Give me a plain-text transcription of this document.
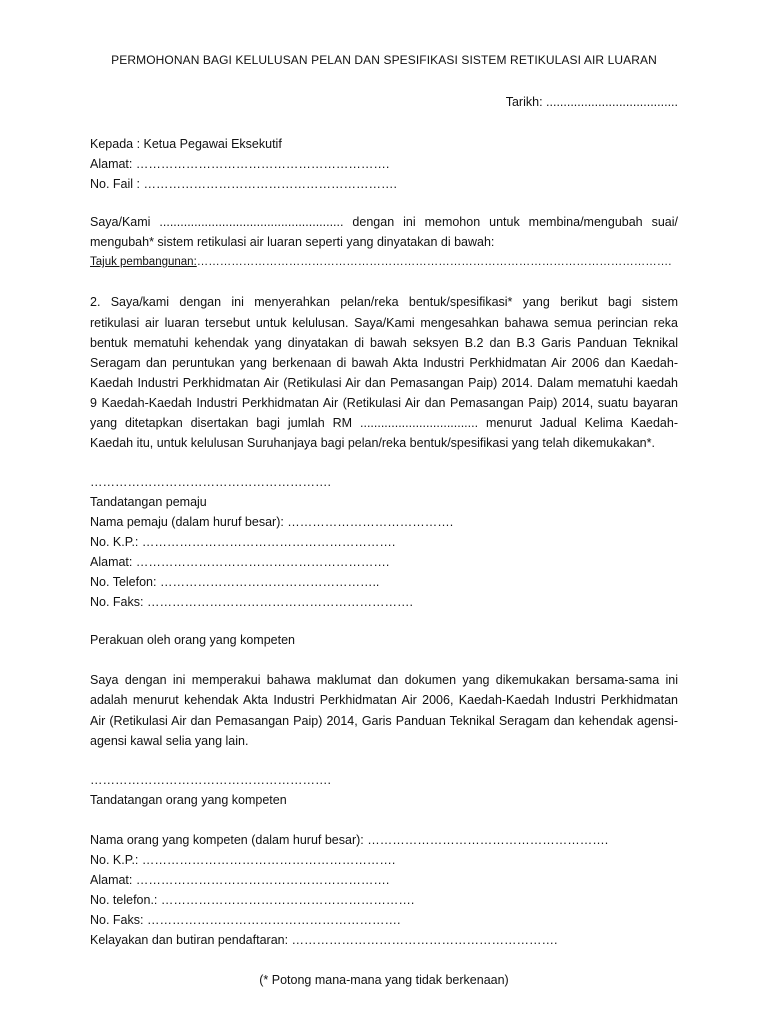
PERMOHONAN BAGI KELULUSAN PELAN DAN SPESIFIKASI SISTEM RETIKULASI AIR LUARAN
Tarikh: ......................................
Kepada : Ketua Pegawai Eksekutif
Alamat: …………………………………………………….
No. Fail : …………………………………………………….
Saya/Kami ..................................................... dengan ini memohon untuk membina/mengubah suai/
mengubah* sistem retikulasi air luaran seperti yang dinyatakan di bawah:
Tajuk pembangunan:…………………………………………………………………………………………………………….
2. Saya/kami dengan ini menyerahkan pelan/reka bentuk/spesifikasi* yang berikut bagi sistem
retikulasi air luaran tersebut untuk kelulusan. Saya/Kami mengesahkan bahawa semua perincian reka
bentuk mematuhi kehendak yang dinyatakan di bawah seksyen B.2 dan B.3 Garis Panduan Teknikal
Seragam dan peruntukan yang berkenaan di bawah Akta Industri Perkhidmatan Air 2006 dan Kaedah-
Kaedah Industri Perkhidmatan Air (Retikulasi Air dan Pemasangan Paip) 2014. Dalam mematuhi kaedah
9 Kaedah-Kaedah Industri Perkhidmatan Air (Retikulasi Air dan Pemasangan Paip) 2014, suatu bayaran
yang ditetapkan disertakan bagi jumlah RM .................................. menurut Jadual Kelima Kaedah-
Kaedah itu, untuk kelulusan Suruhanjaya bagi pelan/reka bentuk/spesifikasi yang telah dikemukakan*.
………………………………………………….
Tandatangan pemaju
Nama pemaju (dalam huruf besar): ………………………………….
No. K.P.: …………………………………………………….
Alamat: …………………………………………………….
No. Telefon: ……………………………………………..
No. Faks: ……………………………………………………….
Perakuan oleh orang yang kompeten
Saya dengan ini memperakui bahawa maklumat dan dokumen yang dikemukakan bersama-sama ini
adalah menurut kehendak Akta Industri Perkhidmatan Air 2006, Kaedah-Kaedah Industri Perkhidmatan
Air (Retikulasi Air dan Pemasangan Paip) 2014, Garis Panduan Teknikal Seragam dan kehendak agensi-
agensi kawal selia yang lain.
………………………………………………….
Tandatangan orang yang kompeten
Nama orang yang kompeten (dalam huruf besar): ………………………………………………….
No. K.P.: …………………………………………………….
Alamat: …………………………………………………….
No. telefon.: …………………………………………………….
No. Faks: …………………………………………………….
Kelayakan dan butiran pendaftaran: ……………………………………………………….
(* Potong mana-mana yang tidak berkenaan)
